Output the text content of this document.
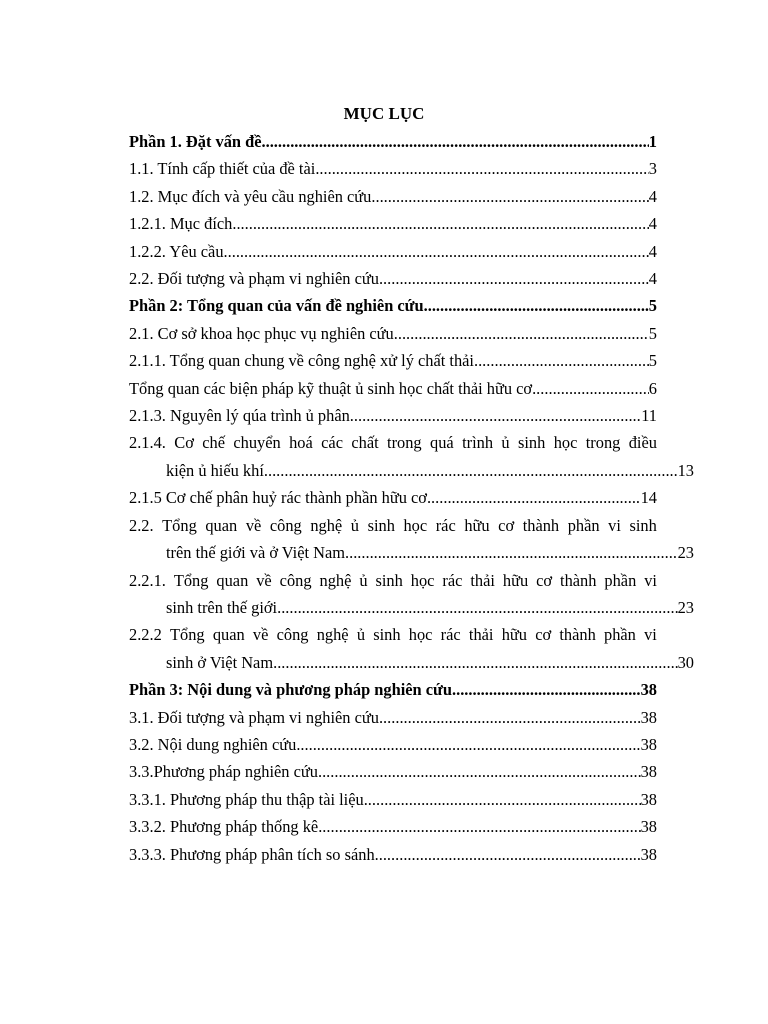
MỤC LỤC
Phần 1. Đặt vấn đề .....	1
1.1. Tính cấp thiết của đề tài .....	3
1.2. Mục đích và yêu cầu nghiên cứu .....	4
1.2.1. Mục đích .....	4
1.2.2. Yêu cầu .....	4
2.2. Đối tượng và phạm vi nghiên cứu .....	4
Phần 2: Tổng quan của vấn đề nghiên cứu .....	5
2.1. Cơ sở khoa học phục vụ nghiên cứu .....	5
2.1.1. Tổng quan chung về công nghệ xử lý chất thải .....	5
Tổng quan các biện pháp kỹ thuật ủ sinh học chất thải hữu cơ .....	6
2.1.3. Nguyên lý qúa trình ủ phân .....	11
2.1.4. Cơ chế chuyển hoá các chất trong quá trình ủ sinh học trong điều
kiện ủ hiếu khí .....	13
2.1.5 Cơ chế phân huỷ rác thành phần hữu cơ .....	14
2.2. Tổng quan về công nghệ ủ sinh học rác hữu cơ thành phần vi sinh
trên thế giới và ở Việt Nam .....	23
2.2.1. Tổng quan về công nghệ ủ sinh học rác thải hữu cơ thành phần vi
sinh trên thế giới .....	23
2.2.2 Tổng quan về công nghệ ủ sinh học rác thải hữu cơ thành phần vi
sinh ở Việt Nam .....	30
Phần 3: Nội dung và phương pháp nghiên cứu .....	38
3.1. Đối tượng và phạm vi nghiên cứu .....	38
3.2. Nội dung nghiên cứu .....	38
3.3.Phương pháp nghiên cứu .....	38
3.3.1. Phương pháp thu thập tài liệu .....	38
3.3.2. Phương pháp thống kê .....	38
3.3.3. Phương pháp phân tích so sánh .....	38
